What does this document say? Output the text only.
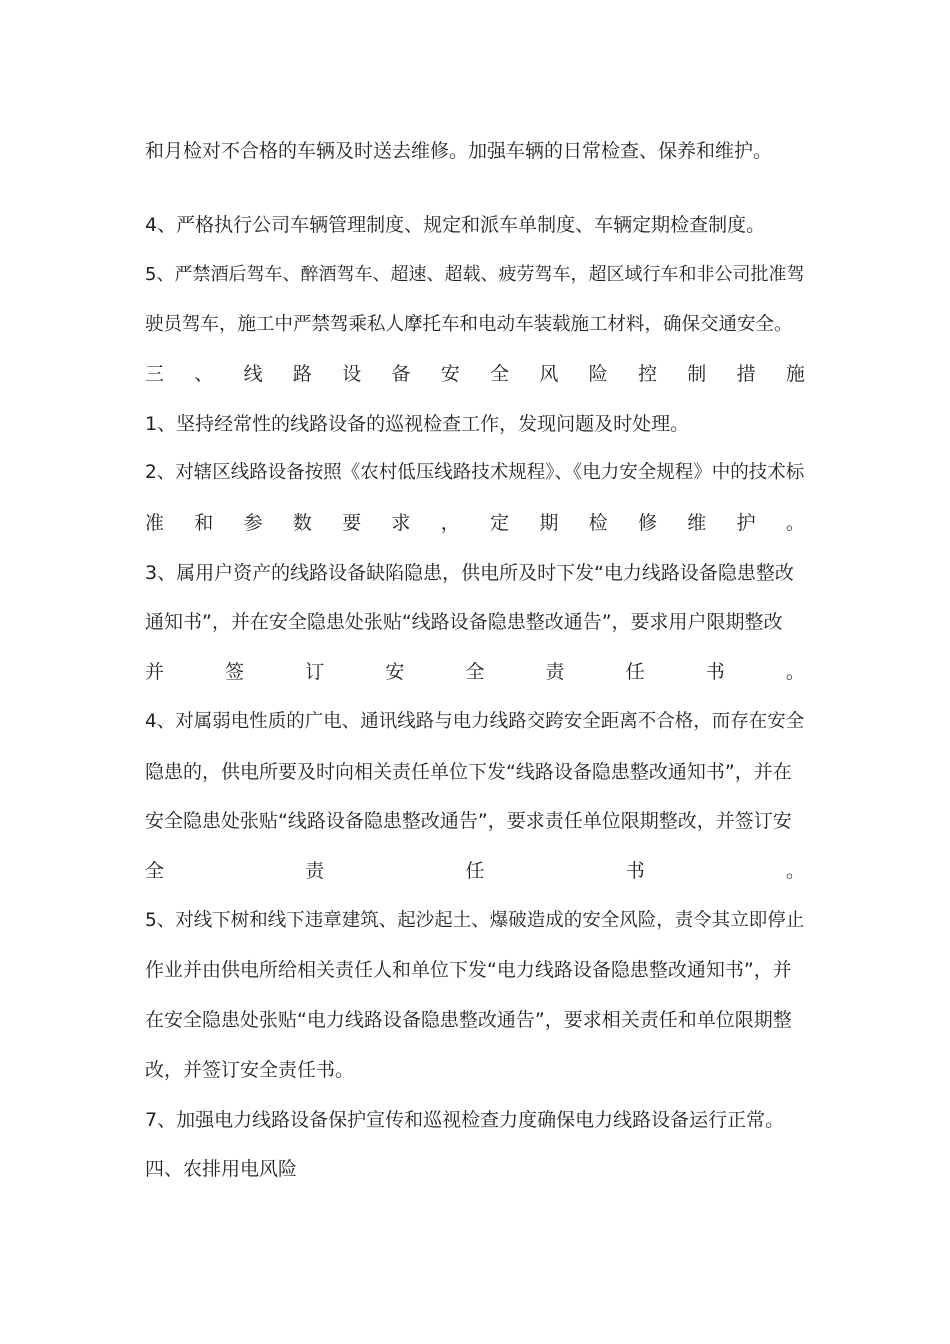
和月检对不合格的车辆及时送去维修。加强车辆的日常检查、保养和维护。
4、严格执行公司车辆管理制度、规定和派车单制度、车辆定期检查制度。
5、严禁酒后驾车、醉酒驾车、超速、超载、疲劳驾车，超区域行车和非公司批准驾
驶员驾车，施工中严禁驾乘私人摩托车和电动车装载施工材料，确保交通安全。
三 、 线 路 设 备 安 全 风 险 控 制 措 施
1、坚持经常性的线路设备的巡视检查工作，发现问题及时处理。
2、对辖区线路设备按照《农村低压线路技术规程》、《电力安全规程》中的技术标
准 和 参 数 要 求 ， 定 期 检 修 维 护 。
3、属用户资产的线路设备缺陷隐患，供电所及时下发“电力线路设备隐患整改
通知书”，并在安全隐患处张贴“线路设备隐患整改通告”，要求用户限期整改
并	签	订	安	全	责	任	书	。
4、对属弱电性质的广电、通讯线路与电力线路交跨安全距离不合格，而存在安全
隐患的，供电所要及时向相关责任单位下发“线路设备隐患整改通知书”，并在
安全隐患处张贴“线路设备隐患整改通告”，要求责任单位限期整改，并签订安
全	责	任	书	。
5、对线下树和线下违章建筑、起沙起土、爆破造成的安全风险，责令其立即停止
作业并由供电所给相关责任人和单位下发“电力线路设备隐患整改通知书”，并
在安全隐患处张贴“电力线路设备隐患整改通告”，要求相关责任和单位限期整
改，并签订安全责任书。
7、加强电力线路设备保护宣传和巡视检查力度确保电力线路设备运行正常。
四、农排用电风险
